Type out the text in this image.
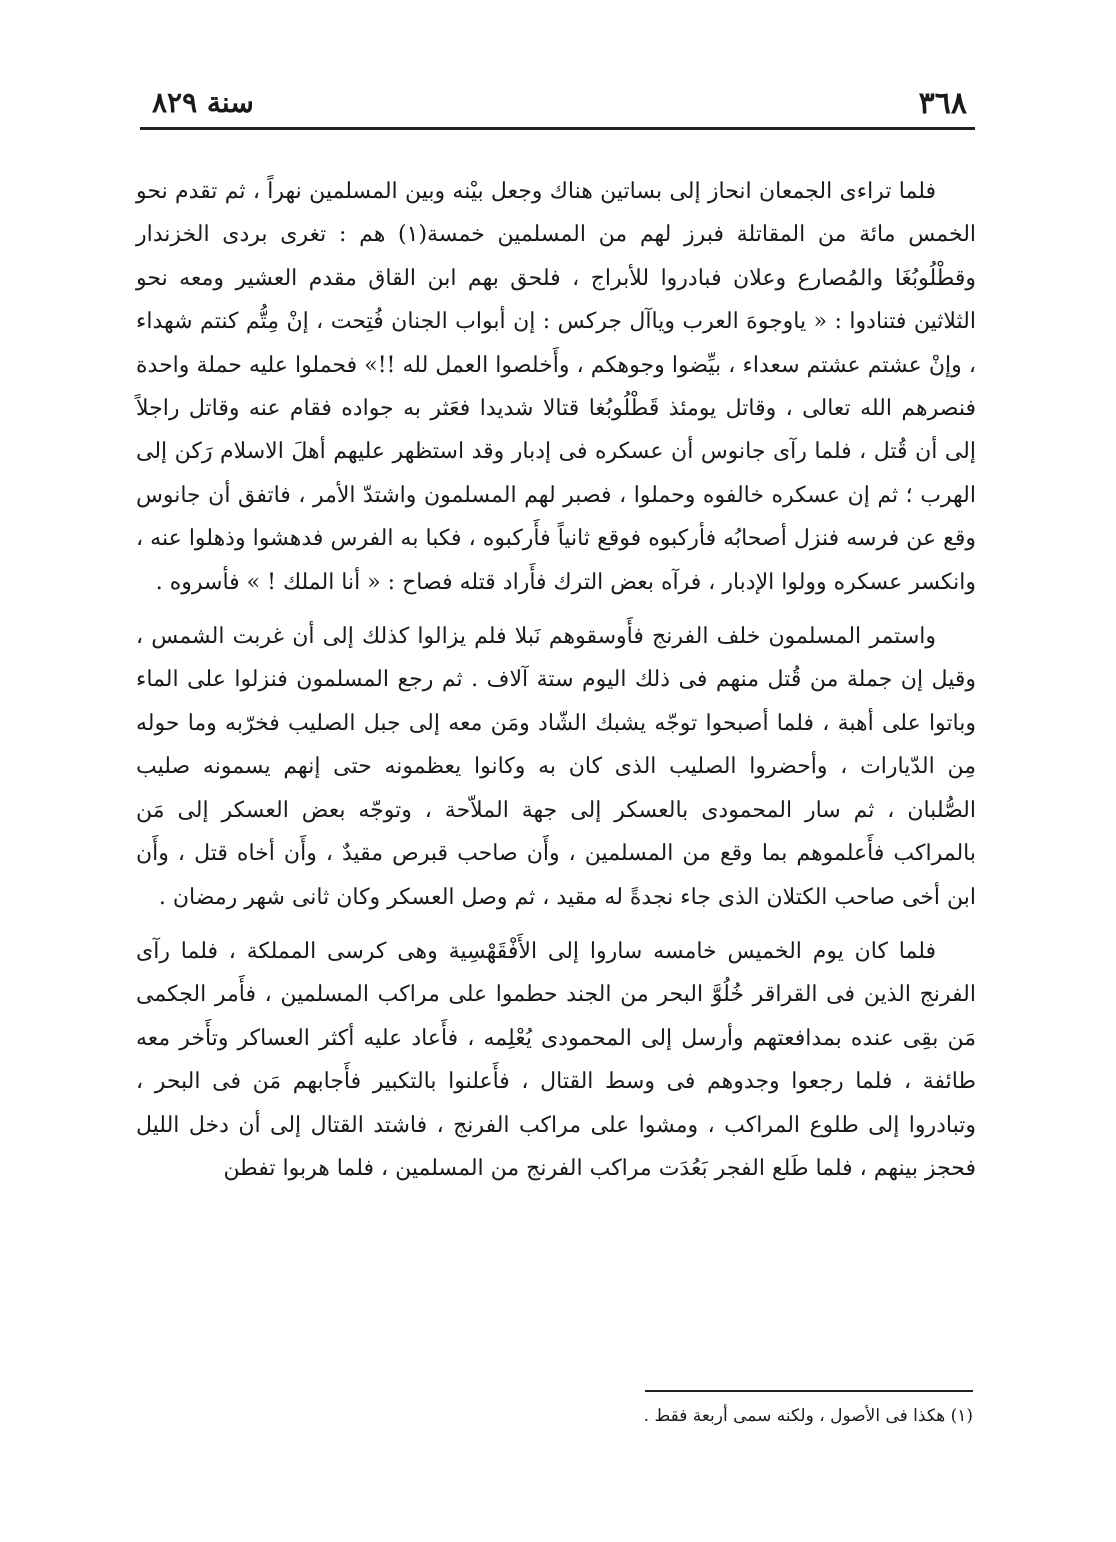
٣٦٨
سنة ٨٢٩

فلما تراءى الجمعان انحاز إلى بساتين هناك وجعل بيْنه وبين المسلمين نهراً ، ثم تقدم نحو الخمس مائة من المقاتلة فبرز لهم من المسلمين خمسة(١) هم : تغرى بردى الخزندار وقطْلُوبُغَا والمُصارع وعلان فبادروا للأبراج ، فلحق بهم ابن القاق مقدم العشير ومعه نحو الثلاثين فتنادوا : « ياوجوهَ العرب وياآل جركس : إن أبواب الجنان فُتِحت ، إنْ مِتُّم كنتم شهداء ، وإنْ عشتم عشتم سعداء ، بيِّضوا وجوهكم ، وأَخلصوا العمل لله !!» فحملوا عليه حملة واحدة فنصرهم الله تعالى ، وقاتل يومئذ قَطْلُوبُغا قتالا شديدا فعَثر به جواده فقام عنه وقاتل راجلاً إلى أن قُتل ، فلما رآى جانوس أن عسكره فى إدبار وقد استظهر عليهم أهلَ الاسلام رَكن إلى الهرب ؛ ثم إن عسكره خالفوه وحملوا ، فصبر لهم المسلمون واشتدّ الأمر ، فاتفق أن جانوس وقع عن فرسه فنزل أصحابُه فأركبوه فوقع ثانياً فأَركبوه ، فكبا به الفرس فدهشوا وذهلوا عنه ، وانكسر عسكره وولوا الإدبار ، فرآه بعض الترك فأَراد قتله فصاح : « أنا الملك ! » فأسروه .

واستمر المسلمون خلف الفرنج فأَوسقوهم نَبلا فلم يزالوا كذلك إلى أن غربت الشمس ، وقيل إن جملة من قُتل منهم فى ذلك اليوم ستة آلاف . ثم رجع المسلمون فنزلوا على الماء وباتوا على أهبة ، فلما أصبحوا توجّه يشبك الشّاد ومَن معه إلى جبل الصليب فخرّبه وما حوله مِن الدّيارات ، وأحضروا الصليب الذى كان به وكانوا يعظمونه حتى إنهم يسمونه صليب الصُّلبان ، ثم سار المحمودى بالعسكر إلى جهة الملاّحة ، وتوجّه بعض العسكر إلى مَن بالمراكب فأَعلموهم بما وقع من المسلمين ، وأَن صاحب قبرص مقيدٌ ، وأَن أخاه قتل ، وأَن ابن أخى صاحب الكتلان الذى جاء نجدةً له مقيد ، ثم وصل العسكر وكان ثانى شهر رمضان .

فلما كان يوم الخميس خامسه ساروا إلى الأَفْقَهْسِية وهى كرسى المملكة ، فلما رآى الفرنج الذين فى القراقر خُلُوَّ البحر من الجند حطموا على مراكب المسلمين ، فأَمر الجكمى مَن بقِى عنده بمدافعتهم وأرسل إلى المحمودى يُعْلِمه ، فأَعاد عليه أكثر العساكر وتأَخر معه طائفة ، فلما رجعوا وجدوهم فى وسط القتال ، فأَعلنوا بالتكبير فأَجابهم مَن فى البحر ، وتبادروا إلى طلوع المراكب ، ومشوا على مراكب الفرنج ، فاشتد القتال إلى أن دخل الليل فحجز بينهم ، فلما طَلع الفجر بَعُدَت مراكب الفرنج من المسلمين ، فلما هربوا تفطن

(١) هكذا فى الأصول ، ولكنه سمى أربعة فقط .
